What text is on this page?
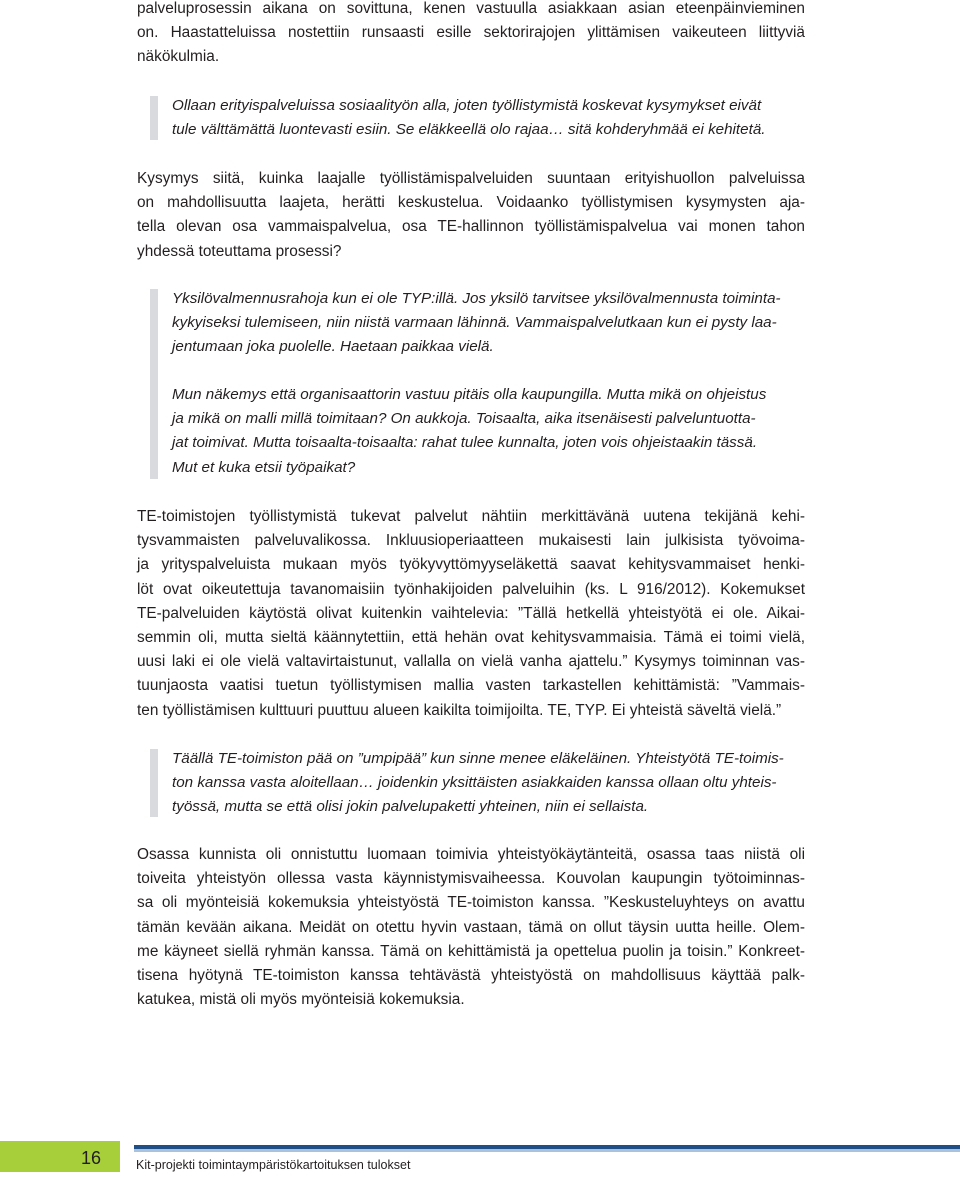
palveluprosessin aikana on sovittuna, kenen vastuulla asiakkaan asian eteenpäinvieminen
on. Haastatteluissa nostettiin runsaasti esille sektorirajojen ylittämisen vaikeuteen liittyviä
näkökulmia.

Ollaan erityispalveluissa sosiaalityön alla, joten työllistymistä koskevat kysymykset eivät
tule välttämättä luontevasti esiin. Se eläkkeellä olo rajaa… sitä kohderyhmää ei kehitetä.

Kysymys siitä, kuinka laajalle työllistämispalveluiden suuntaan erityishuollon palveluissa
on mahdollisuutta laajeta, herätti keskustelua. Voidaanko työllistymisen kysymysten aja-
tella olevan osa vammaispalvelua, osa TE-hallinnon työllistämispalvelua vai monen tahon
yhdessä toteuttama prosessi?

Yksilövalmennusrahoja kun ei ole TYP:illä. Jos yksilö tarvitsee yksilövalmennusta toiminta-
kykyiseksi tulemiseen, niin niistä varmaan lähinnä. Vammaispalvelutkaan kun ei pysty laa-
jentumaan joka puolelle. Haetaan paikkaa vielä.

Mun näkemys että organisaattorin vastuu pitäis olla kaupungilla. Mutta mikä on ohjeistus
ja mikä on malli millä toimitaan? On aukkoja. Toisaalta, aika itsenäisesti palveluntuotta-
jat toimivat. Mutta toisaalta-toisaalta: rahat tulee kunnalta, joten vois ohjeistaakin tässä.
Mut et kuka etsii työpaikat?

TE-toimistojen työllistymistä tukevat palvelut nähtiin merkittävänä uutena tekijänä kehi-
tysvammaisten palveluvalikossa. Inkluusioperiaatteen mukaisesti lain julkisista työvoima-
ja yrityspalveluista mukaan myös työkyvyttömyyseläkettä saavat kehitysvammaiset henki-
löt ovat oikeutettuja tavanomaisiin työnhakijoiden palveluihin (ks. L 916/2012). Kokemukset
TE-palveluiden käytöstä olivat kuitenkin vaihtelevia: ”Tällä hetkellä yhteistyötä ei ole. Aikai-
semmin oli, mutta sieltä käännytettiin, että hehän ovat kehitysvammaisia. Tämä ei toimi vielä,
uusi laki ei ole vielä valtavirtaistunut, vallalla on vielä vanha ajattelu.” Kysymys toiminnan vas-
tuunjaosta vaatisi tuetun työllistymisen mallia vasten tarkastellen kehittämistä: ”Vammais-
ten työllistämisen kulttuuri puuttuu alueen kaikilta toimijoilta. TE, TYP. Ei yhteistä säveltä vielä.”

Täällä TE-toimiston pää on ”umpipää” kun sinne menee eläkeläinen. Yhteistyötä TE-toimis-
ton kanssa vasta aloitellaan… joidenkin yksittäisten asiakkaiden kanssa ollaan oltu yhteis-
työssä, mutta se että olisi jokin palvelupaketti yhteinen, niin ei sellaista.

Osassa kunnista oli onnistuttu luomaan toimivia yhteistyökäytänteitä, osassa taas niistä oli
toiveita yhteistyön ollessa vasta käynnistymisvaiheessa. Kouvolan kaupungin työtoiminnas-
sa oli myönteisiä kokemuksia yhteistyöstä TE-toimiston kanssa. ”Keskusteluyhteys on avattu
tämän kevään aikana. Meidät on otettu hyvin vastaan, tämä on ollut täysin uutta heille. Olem-
me käyneet siellä ryhmän kanssa. Tämä on kehittämistä ja opettelua puolin ja toisin.” Konkreet-
tisena hyötynä TE-toimiston kanssa tehtävästä yhteistyöstä on mahdollisuus käyttää palk-
katukea, mistä oli myös myönteisiä kokemuksia.

16	Kit-projekti toimintaympäristökartoituksen tulokset
